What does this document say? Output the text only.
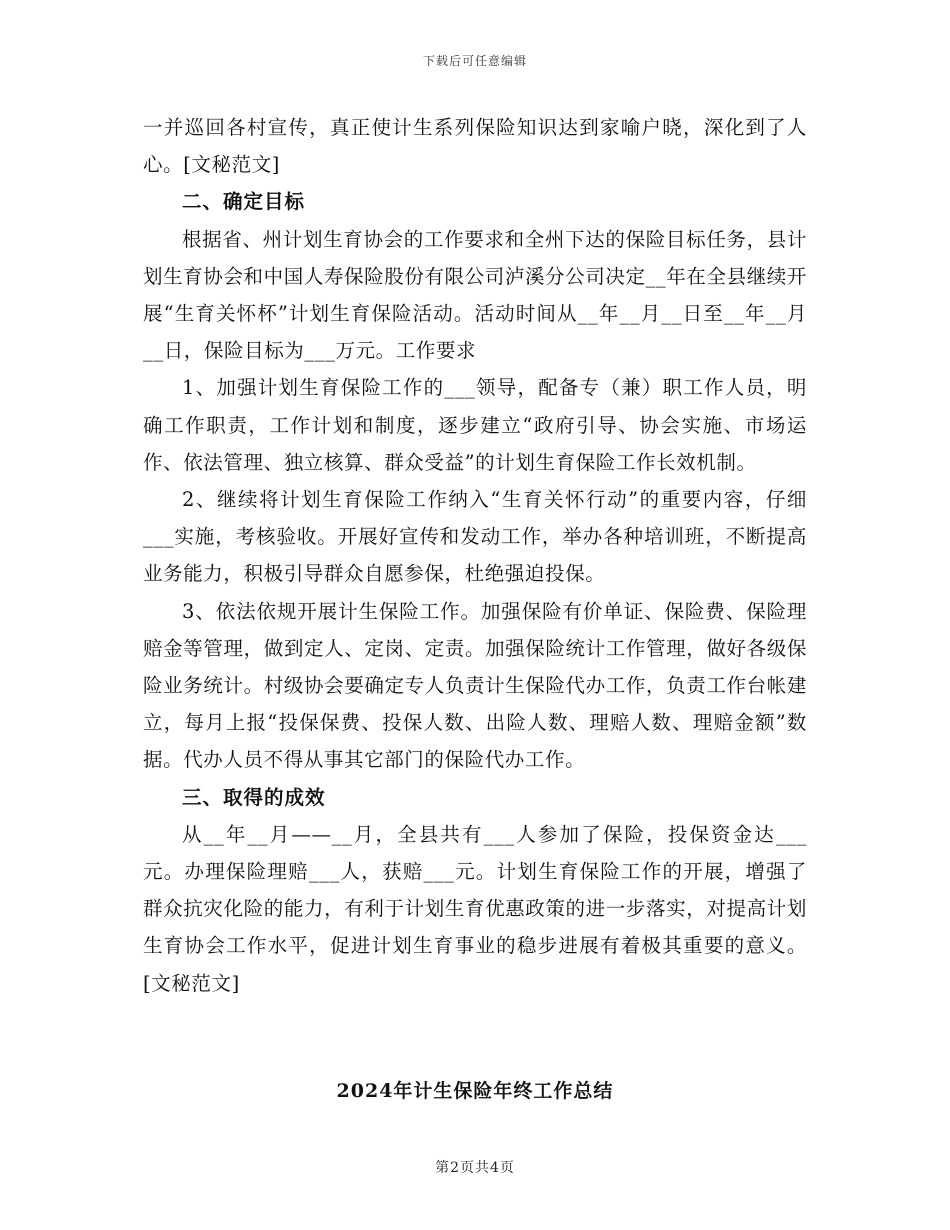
下载后可任意编辑

一并巡回各村宣传，真正使计生系列保险知识达到家喻户晓，深化到了人心。[文秘范文]

二、确定目标

根据省、州计划生育协会的工作要求和全州下达的保险目标任务，县计划生育协会和中国人寿保险股份有限公司泸溪分公司决定__年在全县继续开展“生育关怀杯”计划生育保险活动。活动时间从__年__月__日至__年__月__日，保险目标为___万元。工作要求

1、加强计划生育保险工作的___领导，配备专（兼）职工作人员，明确工作职责，工作计划和制度，逐步建立“政府引导、协会实施、市场运作、依法管理、独立核算、群众受益”的计划生育保险工作长效机制。

2、继续将计划生育保险工作纳入“生育关怀行动”的重要内容，仔细___实施，考核验收。开展好宣传和发动工作，举办各种培训班，不断提高业务能力，积极引导群众自愿参保，杜绝强迫投保。

3、依法依规开展计生保险工作。加强保险有价单证、保险费、保险理赔金等管理，做到定人、定岗、定责。加强保险统计工作管理，做好各级保险业务统计。村级协会要确定专人负责计生保险代办工作，负责工作台帐建立，每月上报“投保保费、投保人数、出险人数、理赔人数、理赔金额”数据。代办人员不得从事其它部门的保险代办工作。

三、取得的成效

从__年__月——__月，全县共有___人参加了保险，投保资金达___元。办理保险理赔___人，获赔___元。计划生育保险工作的开展，增强了群众抗灾化险的能力，有利于计划生育优惠政策的进一步落实，对提高计划生育协会工作水平，促进计划生育事业的稳步进展有着极其重要的意义。[文秘范文]

2024年计生保险年终工作总结
第2页共4页
